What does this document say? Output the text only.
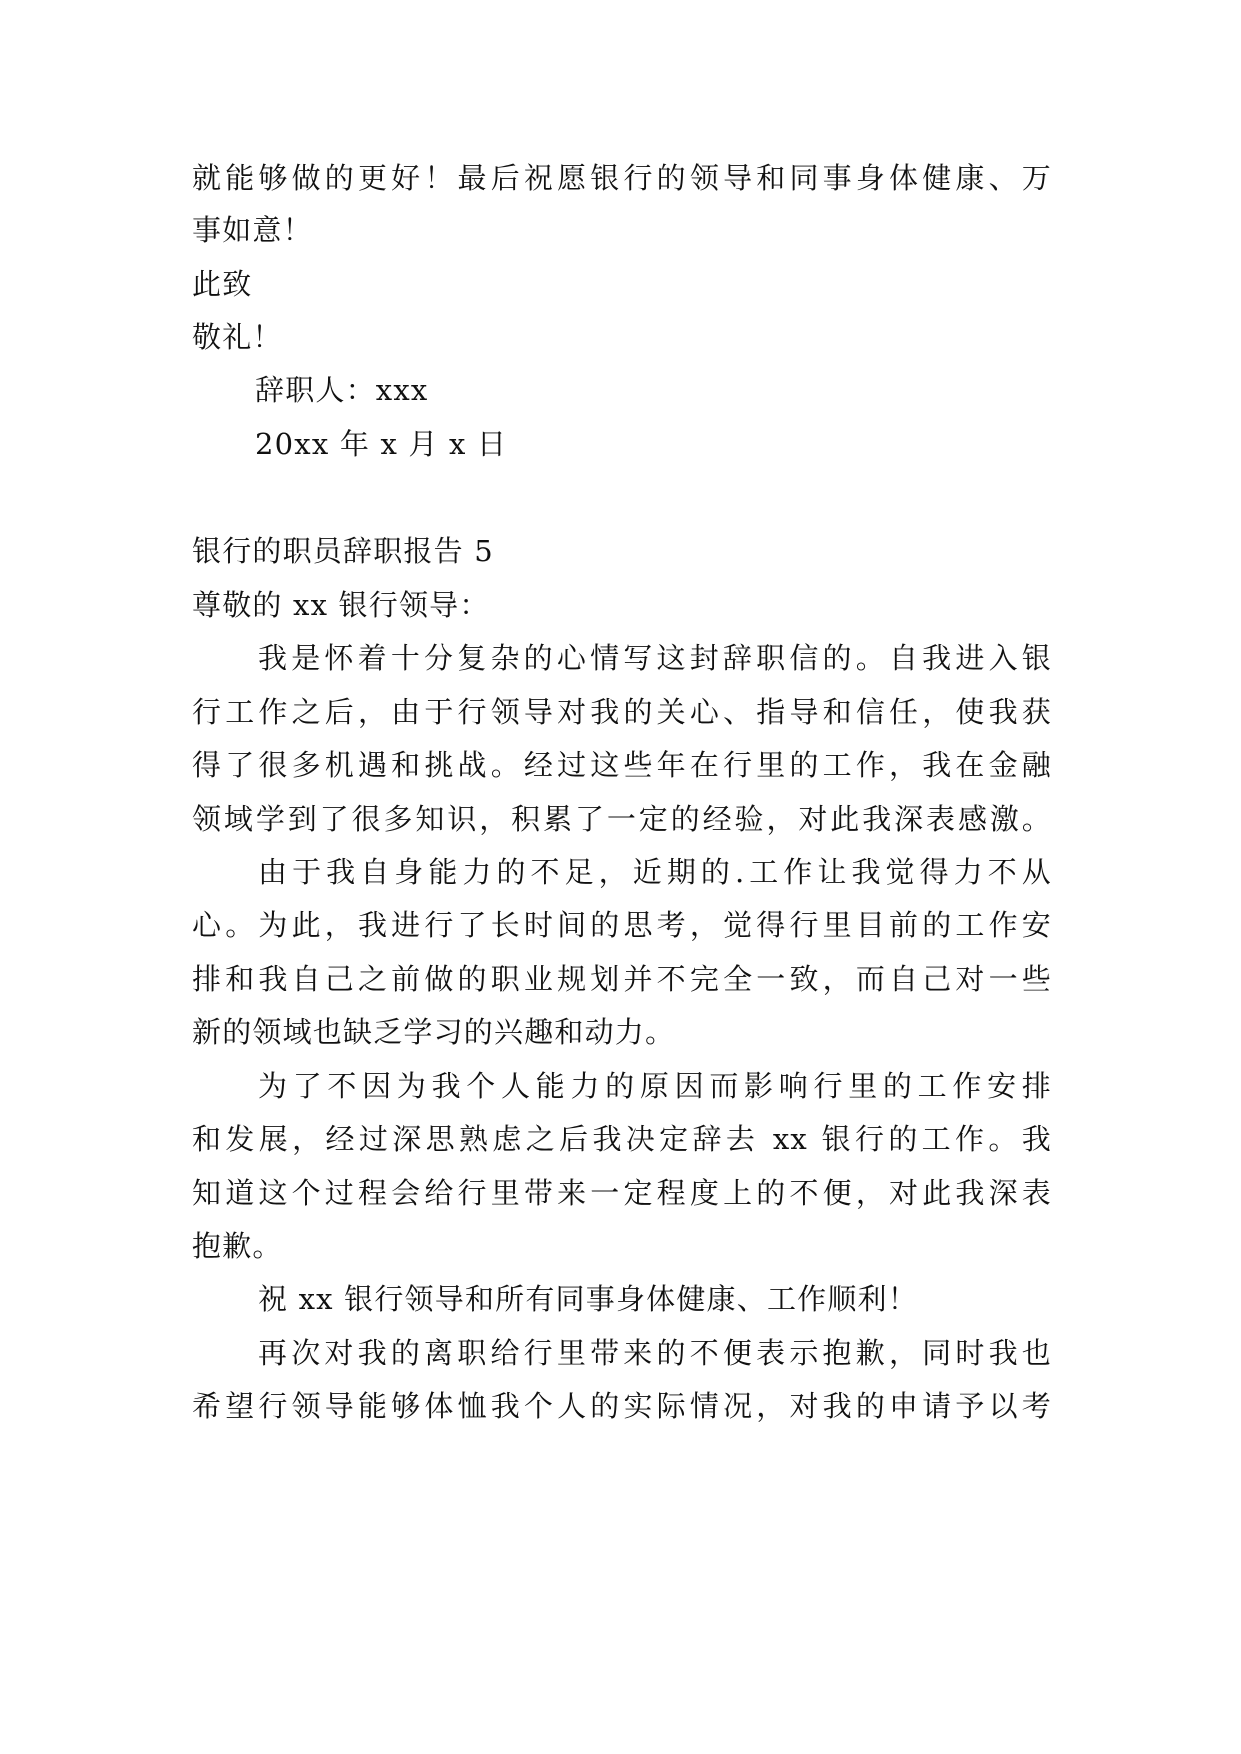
就能够做的更好！最后祝愿银行的领导和同事身体健康、万
事如意！
此致
敬礼！
辞职人：xxx
20xx 年 x 月 x 日
银行的职员辞职报告 5
尊敬的 xx 银行领导：
我是怀着十分复杂的心情写这封辞职信的。自我进入银
行工作之后，由于行领导对我的关心、指导和信任，使我获
得了很多机遇和挑战。经过这些年在行里的工作，我在金融
领域学到了很多知识，积累了一定的经验，对此我深表感激。
由于我自身能力的不足，近期的.工作让我觉得力不从
心。为此，我进行了长时间的思考，觉得行里目前的工作安
排和我自己之前做的职业规划并不完全一致，而自己对一些
新的领域也缺乏学习的兴趣和动力。
为了不因为我个人能力的原因而影响行里的工作安排
和发展，经过深思熟虑之后我决定辞去 xx 银行的工作。我
知道这个过程会给行里带来一定程度上的不便，对此我深表
抱歉。
祝 xx 银行领导和所有同事身体健康、工作顺利！
再次对我的离职给行里带来的不便表示抱歉，同时我也
希望行领导能够体恤我个人的实际情况，对我的申请予以考
